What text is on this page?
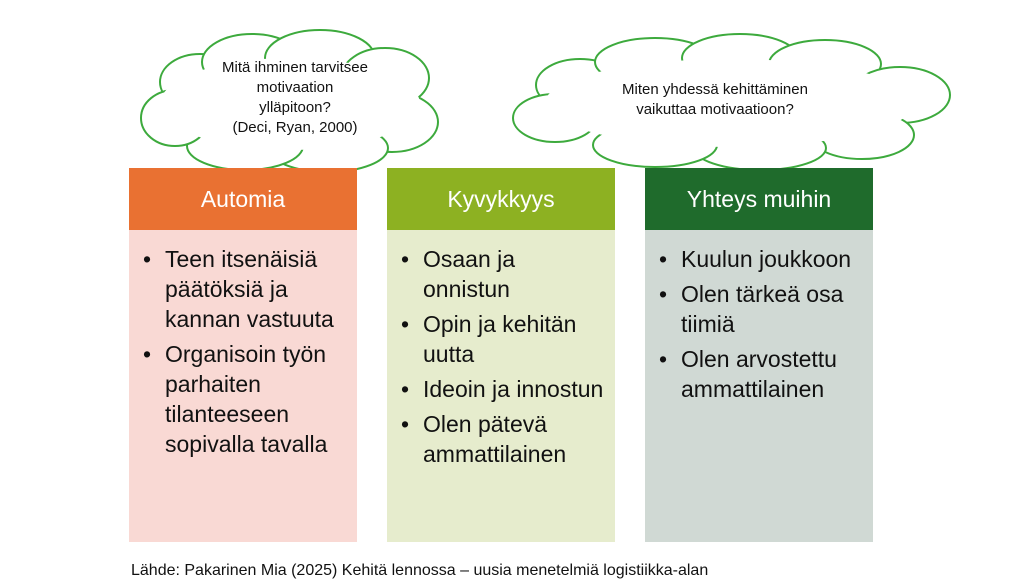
Mitä ihminen tarvitsee
motivaation
ylläpitoon?
(Deci, Ryan, 2000)
Miten yhdessä kehittäminen
vaikuttaa motivaatioon?
Automia
• Teen itsenäisiä päätöksiä ja kannan vastuuta
• Organisoin työn parhaiten tilanteeseen sopivalla tavalla
Kyvykkyys
• Osaan ja onnistun
• Opin ja kehitän uutta
• Ideoin ja innostun
• Olen pätevä ammattilainen
Yhteys muihin
• Kuulun joukkoon
• Olen tärkeä osa tiimiä
• Olen arvostettu ammattilainen
Lähde: Pakarinen Mia (2025) Kehitä lennossa – uusia menetelmiä logistiikka-alan
